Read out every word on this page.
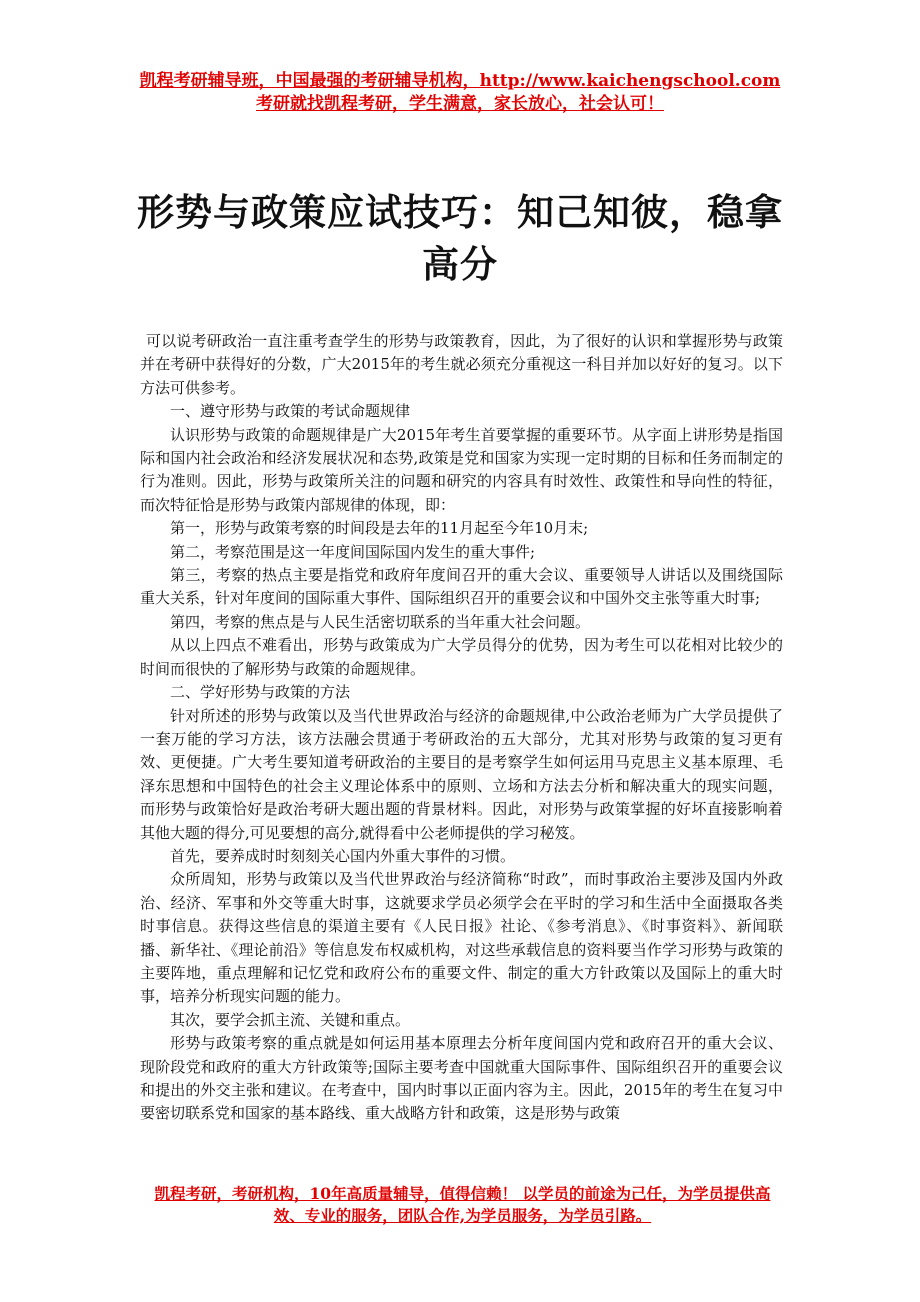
凯程考研辅导班，中国最强的考研辅导机构，http://www.kaichengschool.com
考研就找凯程考研，学生满意，家长放心，社会认可！
形势与政策应试技巧：知己知彼，稳拿高分

可以说考研政治一直注重考查学生的形势与政策教育，因此，为了很好的认识和掌握形势与政策并在考研中获得好的分数，广大2015年的考生就必须充分重视这一科目并加以好好的复习。以下方法可供参考。

一、遵守形势与政策的考试命题规律

认识形势与政策的命题规律是广大2015年考生首要掌握的重要环节。从字面上讲形势是指国际和国内社会政治和经济发展状况和态势,政策是党和国家为实现一定时期的目标和任务而制定的行为准则。因此，形势与政策所关注的问题和研究的内容具有时效性、政策性和导向性的特征，而次特征恰是形势与政策内部规律的体现，即：

第一，形势与政策考察的时间段是去年的11月起至今年10月末;

第二，考察范围是这一年度间国际国内发生的重大事件;

第三，考察的热点主要是指党和政府年度间召开的重大会议、重要领导人讲话以及围绕国际重大关系，针对年度间的国际重大事件、国际组织召开的重要会议和中国外交主张等重大时事;

第四，考察的焦点是与人民生活密切联系的当年重大社会问题。

从以上四点不难看出，形势与政策成为广大学员得分的优势，因为考生可以花相对比较少的时间而很快的了解形势与政策的命题规律。

二、学好形势与政策的方法

针对所述的形势与政策以及当代世界政治与经济的命题规律,中公政治老师为广大学员提供了一套万能的学习方法，该方法融会贯通于考研政治的五大部分，尤其对形势与政策的复习更有效、更便捷。广大考生要知道考研政治的主要目的是考察学生如何运用马克思主义基本原理、毛泽东思想和中国特色的社会主义理论体系中的原则、立场和方法去分析和解决重大的现实问题，而形势与政策恰好是政治考研大题出题的背景材料。因此，对形势与政策掌握的好坏直接影响着其他大题的得分,可见要想的高分,就得看中公老师提供的学习秘笈。

首先，要养成时时刻刻关心国内外重大事件的习惯。

众所周知，形势与政策以及当代世界政治与经济简称“时政”，而时事政治主要涉及国内外政治、经济、军事和外交等重大时事，这就要求学员必须学会在平时的学习和生活中全面摄取各类时事信息。获得这些信息的渠道主要有《人民日报》社论、《参考消息》、《时事资料》、新闻联播、新华社、《理论前沿》等信息发布权威机构，对这些承载信息的资料要当作学习形势与政策的主要阵地，重点理解和记忆党和政府公布的重要文件、制定的重大方针政策以及国际上的重大时事，培养分析现实问题的能力。

其次，要学会抓主流、关键和重点。

形势与政策考察的重点就是如何运用基本原理去分析年度间国内党和政府召开的重大会议、现阶段党和政府的重大方针政策等;国际主要考查中国就重大国际事件、国际组织召开的重要会议和提出的外交主张和建议。在考查中，国内时事以正面内容为主。因此，2015年的考生在复习中要密切联系党和国家的基本路线、重大战略方针和政策，这是形势与政策

凯程考研，考研机构，10年高质量辅导，值得信赖！ 以学员的前途为己任，为学员提供高效、专业的服务，团队合作,为学员服务，为学员引路。
